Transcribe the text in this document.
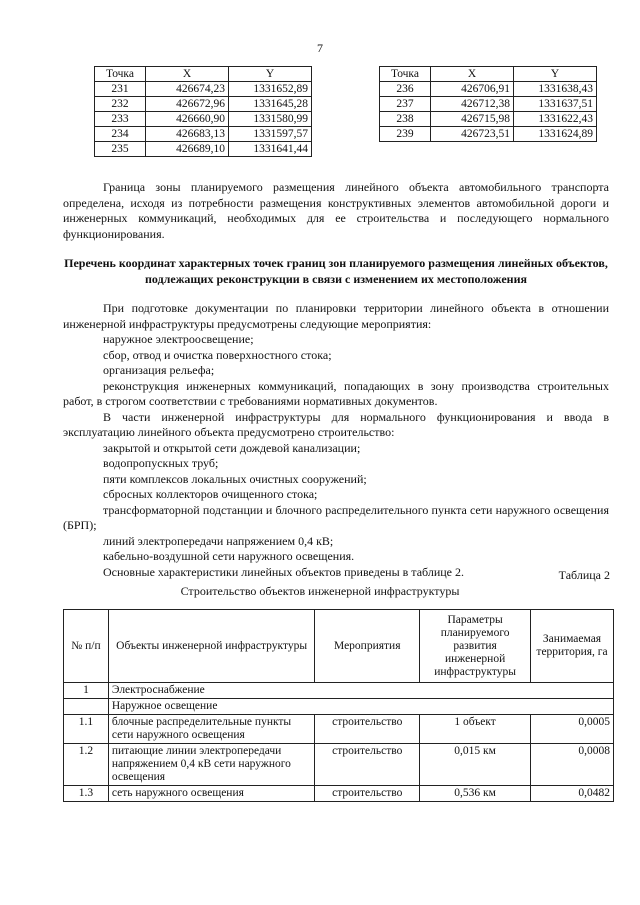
7
Точка	X	Y
231	426674,23	1331652,89
232	426672,96	1331645,28
233	426660,90	1331580,99
234	426683,13	1331597,57
235	426689,10	1331641,44
Точка	X	Y
236	426706,91	1331638,43
237	426712,38	1331637,51
238	426715,98	1331622,43
239	426723,51	1331624,89
Граница зоны планируемого размещения линейного объекта автомобильного транспорта определена, исходя из потребности размещения конструктивных элементов автомобильной дороги и инженерных коммуникаций, необходимых для ее строительства и последующего нормального функционирования.
Перечень координат характерных точек границ зон планируемого размещения линейных объектов, подлежащих реконструкции в связи с изменением их местоположения
При подготовке документации по планировки территории линейного объекта в отношении инженерной инфраструктуры предусмотрены следующие мероприятия:
наружное электроосвещение;
сбор, отвод и очистка поверхностного стока;
организация рельефа;
реконструкция инженерных коммуникаций, попадающих в зону производства строительных работ, в строгом соответствии с требованиями нормативных документов.
В части инженерной инфраструктуры для нормального функционирования и ввода в эксплуатацию линейного объекта предусмотрено строительство:
закрытой и открытой сети дождевой канализации;
водопропускных труб;
пяти комплексов локальных очистных сооружений;
сбросных коллекторов очищенного стока;
трансформаторной подстанции и блочного распределительного пункта сети наружного освещения (БРП);
линий электропередачи напряжением 0,4 кВ;
кабельно-воздушной сети наружного освещения.
Основные характеристики линейных объектов приведены в таблице 2.	Таблица 2
Строительство объектов инженерной инфраструктуры
№ п/п	Объекты инженерной инфраструктуры	Мероприятия	Параметры планируемого развития инженерной инфраструктуры	Занимаемая территория, га
1	Электроснабжение			
	Наружное освещение			
1.1	блочные распределительные пункты сети наружного освещения	строительство	1 объект	0,0005
1.2	питающие линии электропередачи напряжением 0,4 кВ сети наружного освещения	строительство	0,015 км	0,0008
1.3	сеть наружного освещения	строительство	0,536 км	0,0482
